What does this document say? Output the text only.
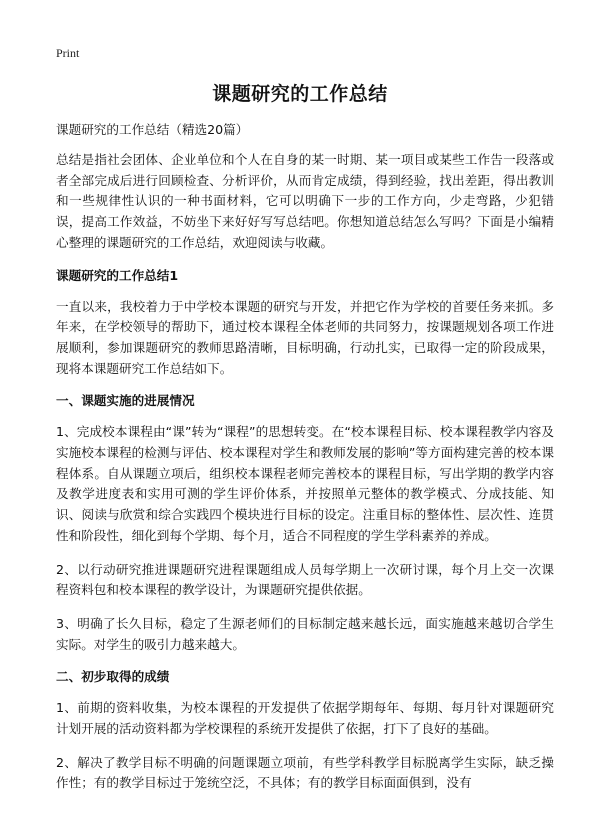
Print
课题研究的工作总结

课题研究的工作总结（精选20篇）

总结是指社会团体、企业单位和个人在自身的某一时期、某一项目或某些工作告一段落或者全部完成后进行回顾检查、分析评价，从而肯定成绩，得到经验，找出差距，得出教训和一些规律性认识的一种书面材料，它可以明确下一步的工作方向，少走弯路，少犯错误，提高工作效益，不妨坐下来好好写写总结吧。你想知道总结怎么写吗？下面是小编精心整理的课题研究的工作总结，欢迎阅读与收藏。

课题研究的工作总结1

一直以来，我校着力于中学校本课题的研究与开发，并把它作为学校的首要任务来抓。多年来，在学校领导的帮助下，通过校本课程全体老师的共同努力，按课题规划各项工作进展顺利，参加课题研究的教师思路清晰，目标明确，行动扎实，已取得一定的阶段成果，现将本课题研究工作总结如下。

一、课题实施的进展情况

1、完成校本课程由“课”转为“课程”的思想转变。在“校本课程目标、校本课程教学内容及实施校本课程的检测与评估、校本课程对学生和教师发展的影响”等方面构建完善的校本课程体系。自从课题立项后，组织校本课程老师完善校本的课程目标，写出学期的教学内容及教学进度表和实用可测的学生评价体系，并按照单元整体的教学模式、分成技能、知识、阅读与欣赏和综合实践四个模块进行目标的设定。注重目标的整体性、层次性、连贯性和阶段性，细化到每个学期、每个月，适合不同程度的学生学科素养的养成。

2、以行动研究推进课题研究进程课题组成人员每学期上一次研讨课，每个月上交一次课程资料包和校本课程的教学设计，为课题研究提供依据。

3、明确了长久目标，稳定了生源老师们的目标制定越来越长远，面实施越来越切合学生实际。对学生的吸引力越来越大。

二、初步取得的成绩

1、前期的资料收集，为校本课程的开发提供了依据学期每年、每期、每月针对课题研究计划开展的活动资料都为学校课程的系统开发提供了依据，打下了良好的基础。

2、解决了教学目标不明确的问题课题立项前，有些学科教学目标脱离学生实际，缺乏操作性；有的教学目标过于笼统空泛，不具体；有的教学目标面面俱到，没有
